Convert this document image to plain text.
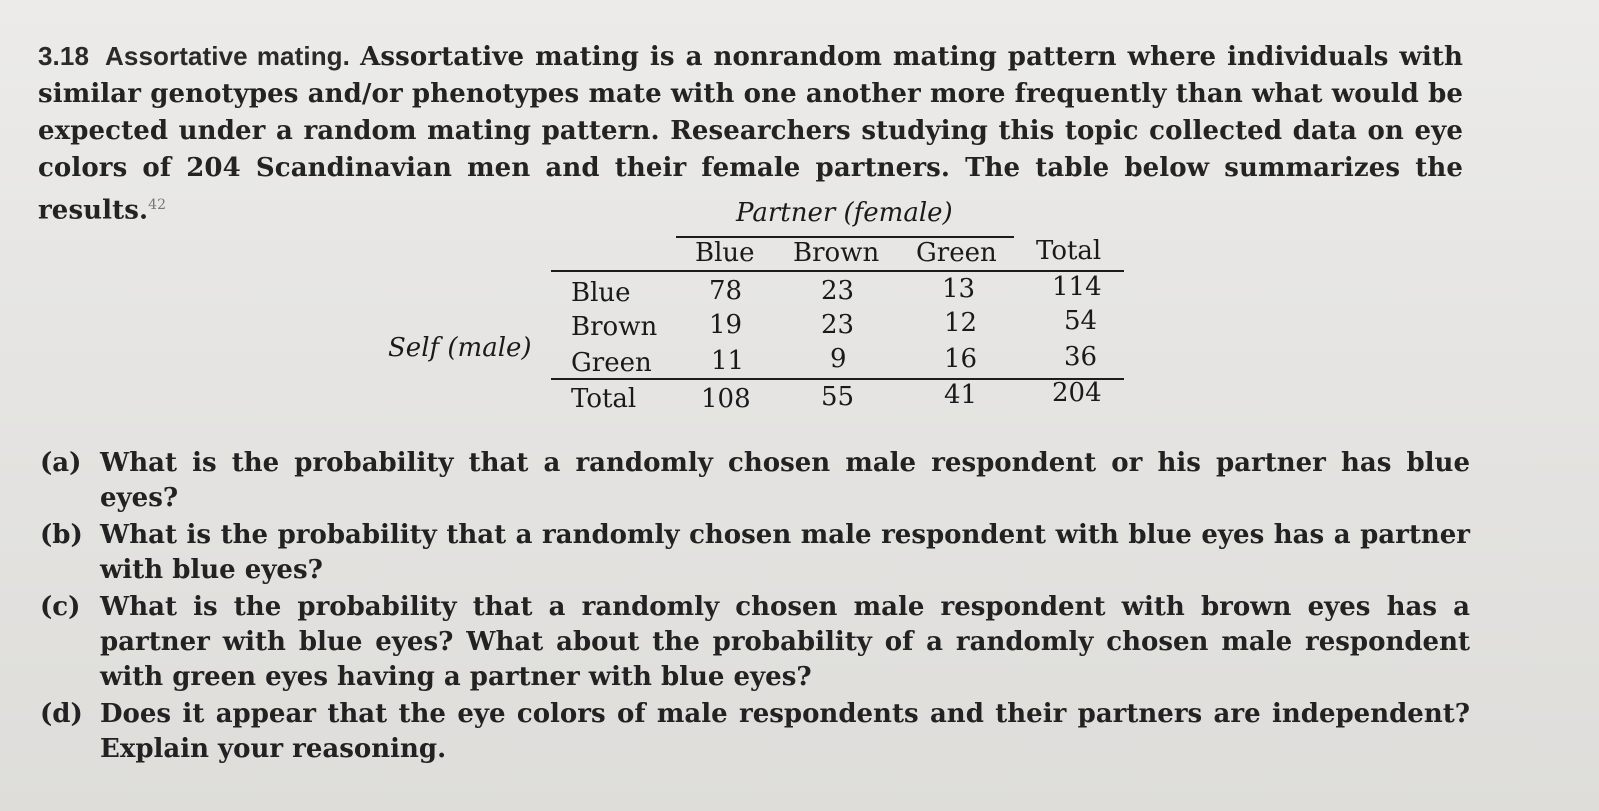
3.18 Assortative mating. Assortative mating is a nonrandom mating pattern where individuals with similar genotypes and/or phenotypes mate with one another more frequently than what would be expected under a random mating pattern. Researchers studying this topic collected data on eye colors of 204 Scandinavian men and their female partners. The table below summarizes the results.$^{42}$	Partner (female)
Blue Brown Green Total
Self (male)
Blue	78	23	13	114
Brown 19	23	12	54
Green 11	9	16	36
Total 108	55	41	204
(a) What is the probability that a randomly chosen male respondent or his partner has blue eyes?
(b) What is the probability that a randomly chosen male respondent with blue eyes has a partner with blue eyes?
(c) What is the probability that a randomly chosen male respondent with brown eyes has a partner with blue eyes? What about the probability of a randomly chosen male respondent with green eyes having a partner with blue eyes?
(d) Does it appear that the eye colors of male respondents and their partners are independent? Explain your reasoning.
